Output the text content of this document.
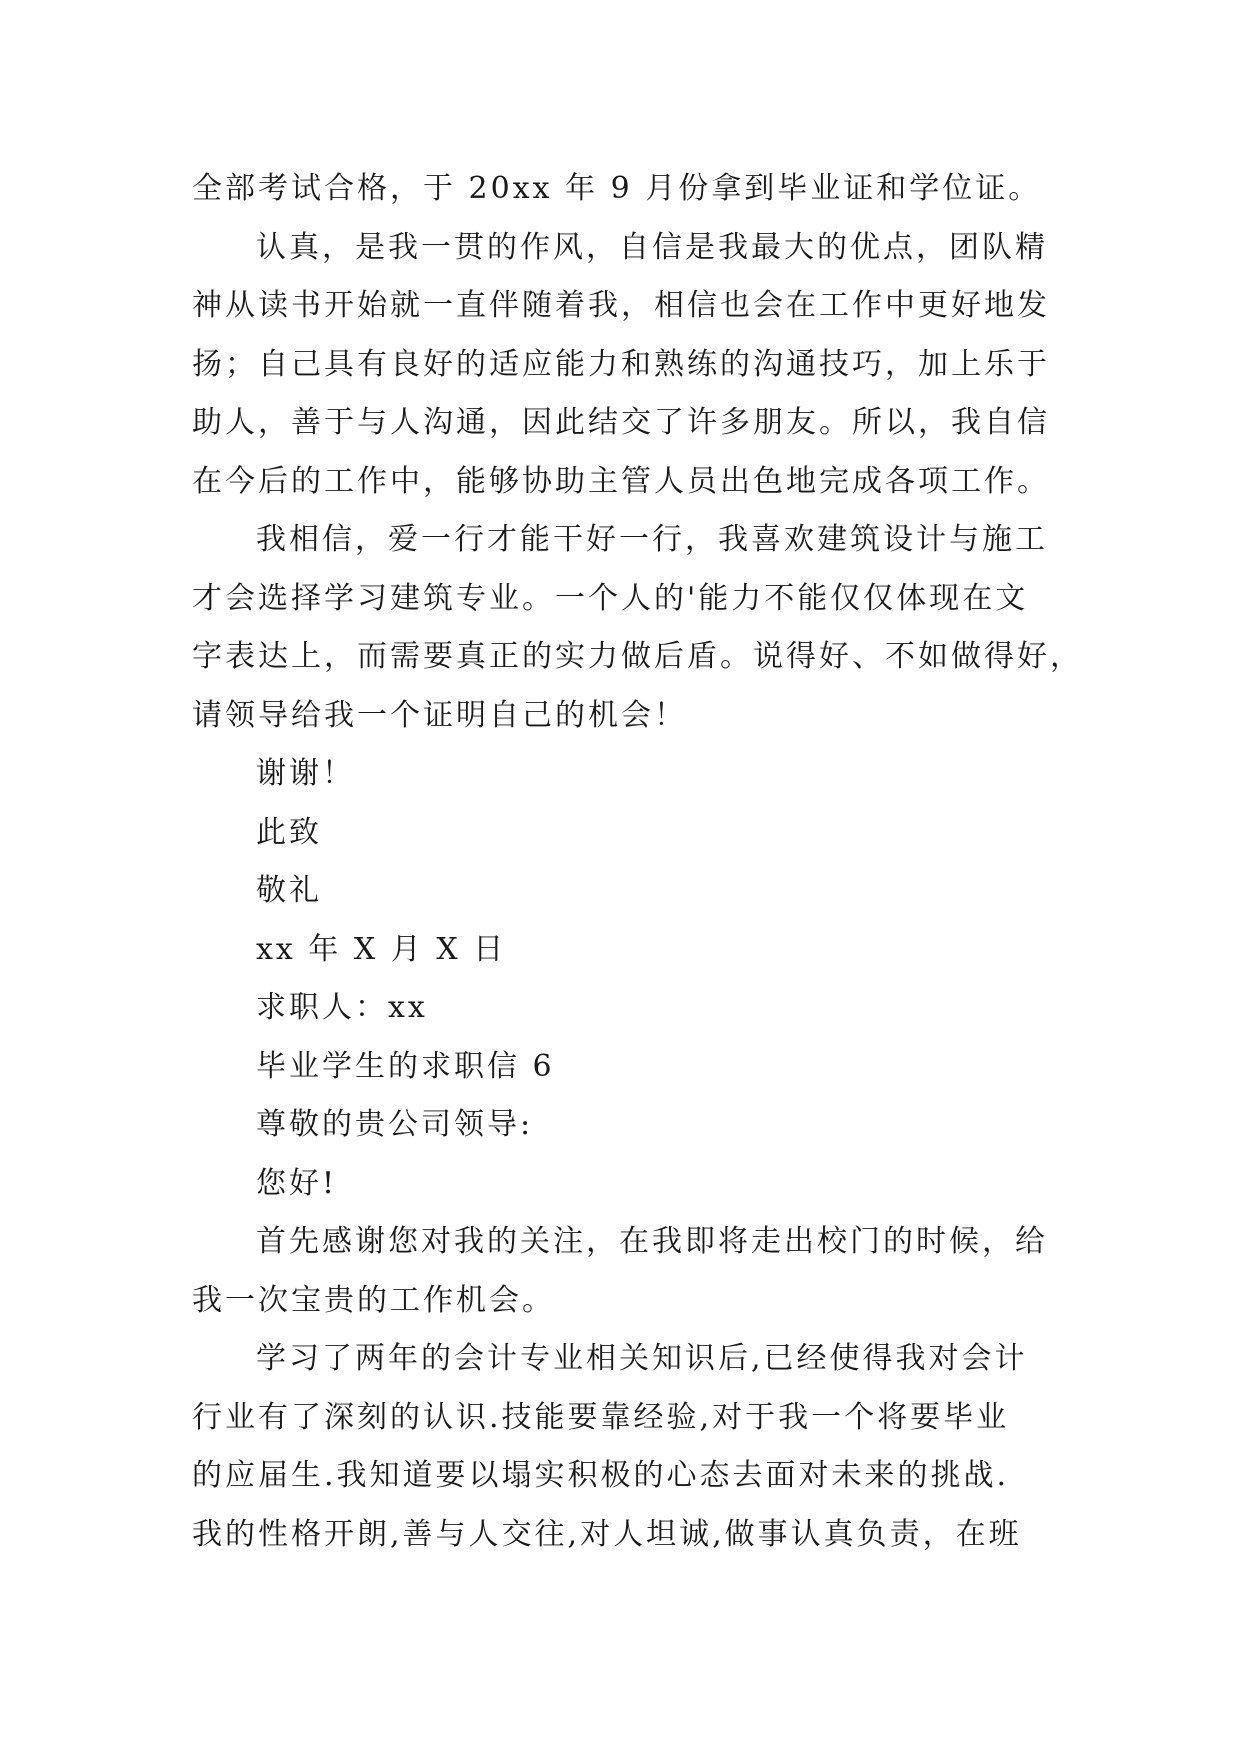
全部考试合格，于 20xx 年 9 月份拿到毕业证和学位证。
认真，是我一贯的作风，自信是我最大的优点，团队精
神从读书开始就一直伴随着我，相信也会在工作中更好地发
扬；自己具有良好的适应能力和熟练的沟通技巧，加上乐于
助人，善于与人沟通，因此结交了许多朋友。所以，我自信
在今后的工作中，能够协助主管人员出色地完成各项工作。
我相信，爱一行才能干好一行，我喜欢建筑设计与施工
才会选择学习建筑专业。一个人的'能力不能仅仅体现在文
字表达上，而需要真正的实力做后盾。说得好、不如做得好，
请领导给我一个证明自己的机会！
谢谢！
此致
敬礼
xx 年 X 月 X 日
求职人：xx
毕业学生的求职信 6
尊敬的贵公司领导:
您好!
首先感谢您对我的关注，在我即将走出校门的时候，给
我一次宝贵的工作机会。
学习了两年的会计专业相关知识后,已经使得我对会计
行业有了深刻的认识.技能要靠经验,对于我一个将要毕业
的应届生.我知道要以塌实积极的心态去面对未来的挑战.
我的性格开朗,善与人交往,对人坦诚,做事认真负责，在班
